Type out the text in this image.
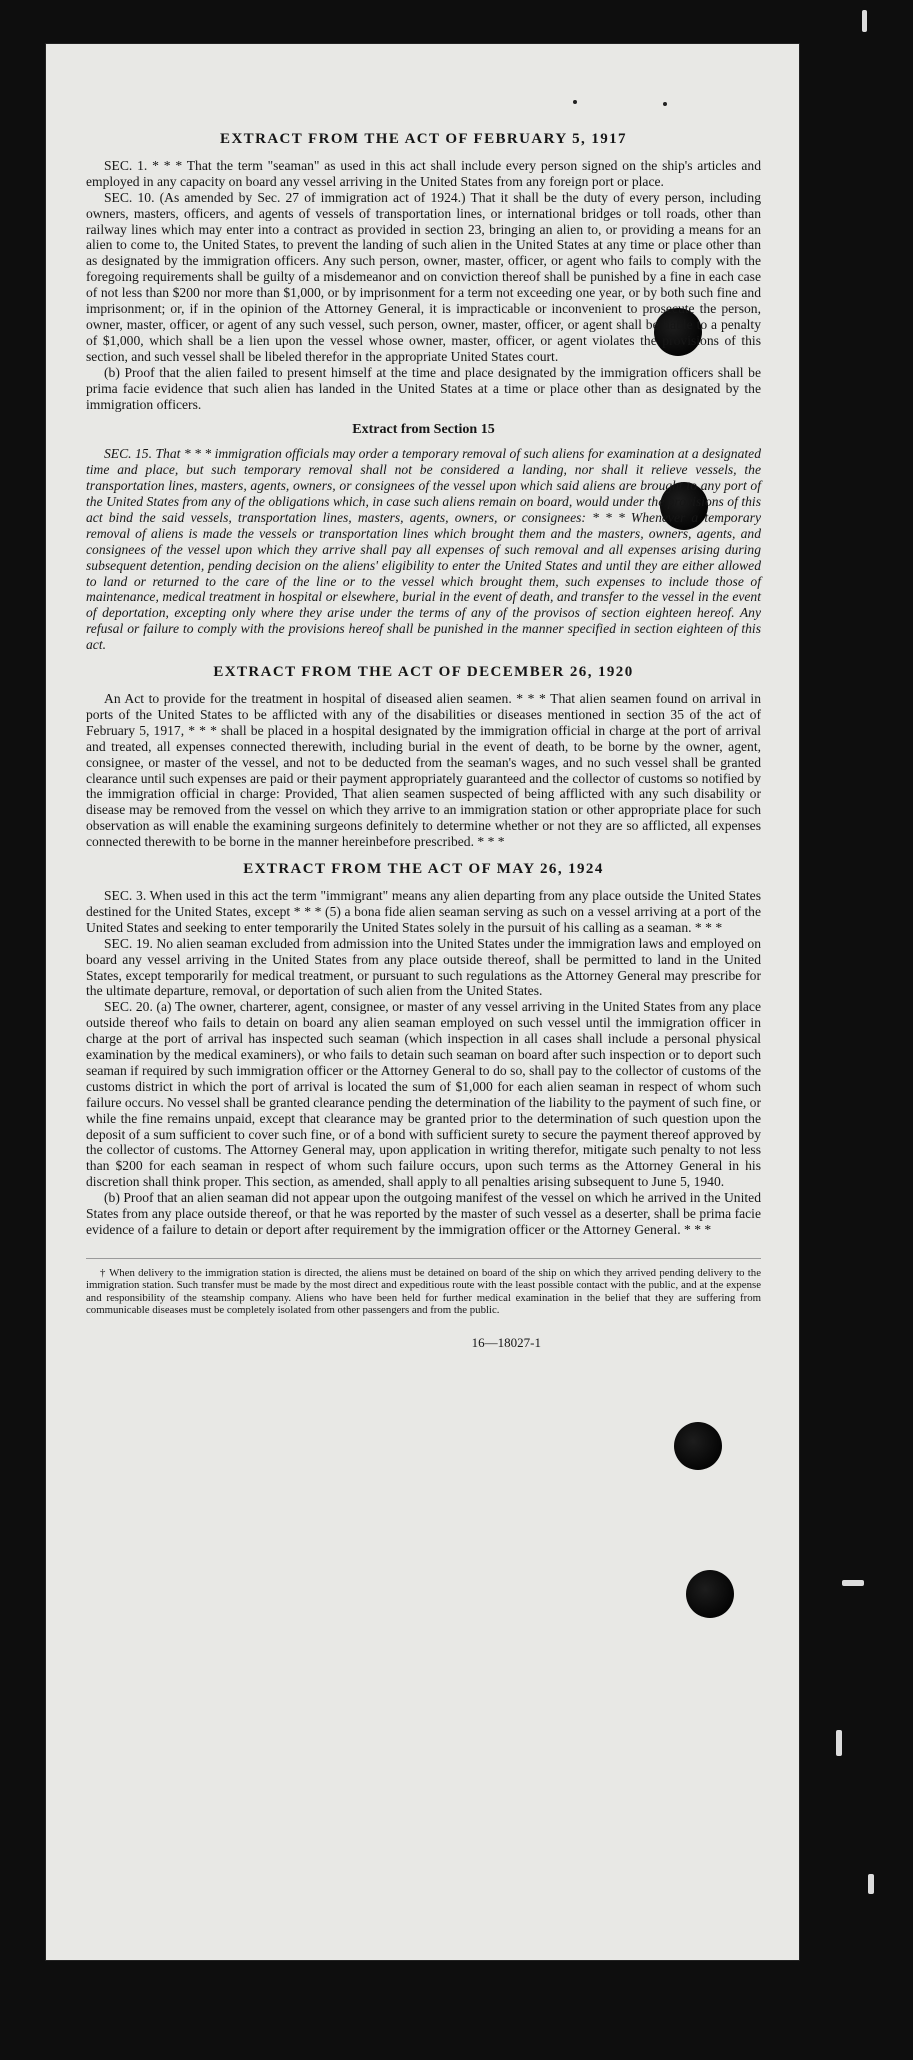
EXTRACT FROM THE ACT OF FEBRUARY 5, 1917

SEC. 1. * * * That the term "seaman" as used in this act shall include every person signed on the ship's articles and employed in any capacity on board any vessel arriving in the United States from any foreign port or place.

SEC. 10. (As amended by Sec. 27 of immigration act of 1924.) That it shall be the duty of every person, including owners, masters, officers, and agents of vessels of transportation lines, or international bridges or toll roads, other than railway lines which may enter into a contract as provided in section 23, bringing an alien to, or providing a means for an alien to come to, the United States, to prevent the landing of such alien in the United States at any time or place other than as designated by the immigration officers. Any such person, owner, master, officer, or agent who fails to comply with the foregoing requirements shall be guilty of a misdemeanor and on conviction thereof shall be punished by a fine in each case of not less than $200 nor more than $1,000, or by imprisonment for a term not exceeding one year, or by both such fine and imprisonment; or, if in the opinion of the Attorney General, it is impracticable or inconvenient to prosecute the person, owner, master, officer, or agent of any such vessel, such person, owner, master, officer, or agent shall be liable to a penalty of $1,000, which shall be a lien upon the vessel whose owner, master, officer, or agent violates the provisions of this section, and such vessel shall be libeled therefor in the appropriate United States court.

(b) Proof that the alien failed to present himself at the time and place designated by the immigration officers shall be prima facie evidence that such alien has landed in the United States at a time or place other than as designated by the immigration officers.

Extract from Section 15

SEC. 15. That * * * immigration officials may order a temporary removal of such aliens for examination at a designated time and place, but such temporary removal shall not be considered a landing, nor shall it relieve vessels, the transportation lines, masters, agents, owners, or consignees of the vessel upon which said aliens are brought to any port of the United States from any of the obligations which, in case such aliens remain on board, would under the provisions of this act bind the said vessels, transportation lines, masters, agents, owners, or consignees: * * * Whenever a temporary removal of aliens is made the vessels or transportation lines which brought them and the masters, owners, agents, and consignees of the vessel upon which they arrive shall pay all expenses of such removal and all expenses arising during subsequent detention, pending decision on the aliens' eligibility to enter the United States and until they are either allowed to land or returned to the care of the line or to the vessel which brought them, such expenses to include those of maintenance, medical treatment in hospital or elsewhere, burial in the event of death, and transfer to the vessel in the event of deportation, excepting only where they arise under the terms of any of the provisos of section eighteen hereof. Any refusal or failure to comply with the provisions hereof shall be punished in the manner specified in section eighteen of this act.

EXTRACT FROM THE ACT OF DECEMBER 26, 1920

An Act to provide for the treatment in hospital of diseased alien seamen. * * * That alien seamen found on arrival in ports of the United States to be afflicted with any of the disabilities or diseases mentioned in section 35 of the act of February 5, 1917, * * * shall be placed in a hospital designated by the immigration official in charge at the port of arrival and treated, all expenses connected therewith, including burial in the event of death, to be borne by the owner, agent, consignee, or master of the vessel, and not to be deducted from the seaman's wages, and no such vessel shall be granted clearance until such expenses are paid or their payment appropriately guaranteed and the collector of customs so notified by the immigration official in charge: Provided, That alien seamen suspected of being afflicted with any such disability or disease may be removed from the vessel on which they arrive to an immigration station or other appropriate place for such observation as will enable the examining surgeons definitely to determine whether or not they are so afflicted, all expenses connected therewith to be borne in the manner hereinbefore prescribed. * * *

EXTRACT FROM THE ACT OF MAY 26, 1924

SEC. 3. When used in this act the term "immigrant" means any alien departing from any place outside the United States destined for the United States, except * * * (5) a bona fide alien seaman serving as such on a vessel arriving at a port of the United States and seeking to enter temporarily the United States solely in the pursuit of his calling as a seaman. * * *

SEC. 19. No alien seaman excluded from admission into the United States under the immigration laws and employed on board any vessel arriving in the United States from any place outside thereof, shall be permitted to land in the United States, except temporarily for medical treatment, or pursuant to such regulations as the Attorney General may prescribe for the ultimate departure, removal, or deportation of such alien from the United States.

SEC. 20. (a) The owner, charterer, agent, consignee, or master of any vessel arriving in the United States from any place outside thereof who fails to detain on board any alien seaman employed on such vessel until the immigration officer in charge at the port of arrival has inspected such seaman (which inspection in all cases shall include a personal physical examination by the medical examiners), or who fails to detain such seaman on board after such inspection or to deport such seaman if required by such immigration officer or the Attorney General to do so, shall pay to the collector of customs of the customs district in which the port of arrival is located the sum of $1,000 for each alien seaman in respect of whom such failure occurs. No vessel shall be granted clearance pending the determination of the liability to the payment of such fine, or while the fine remains unpaid, except that clearance may be granted prior to the determination of such question upon the deposit of a sum sufficient to cover such fine, or of a bond with sufficient surety to secure the payment thereof approved by the collector of customs. The Attorney General may, upon application in writing therefor, mitigate such penalty to not less than $200 for each seaman in respect of whom such failure occurs, upon such terms as the Attorney General in his discretion shall think proper. This section, as amended, shall apply to all penalties arising subsequent to June 5, 1940.

(b) Proof that an alien seaman did not appear upon the outgoing manifest of the vessel on which he arrived in the United States from any place outside thereof, or that he was reported by the master of such vessel as a deserter, shall be prima facie evidence of a failure to detain or deport after requirement by the immigration officer or the Attorney General. * * *

† When delivery to the immigration station is directed, the aliens must be detained on board of the ship on which they arrived pending delivery to the immigration station. Such transfer must be made by the most direct and expeditious route with the least possible contact with the public, and at the expense and responsibility of the steamship company. Aliens who have been held for further medical examination in the belief that they are suffering from communicable diseases must be completely isolated from other passengers and from the public.

16—18027-1
